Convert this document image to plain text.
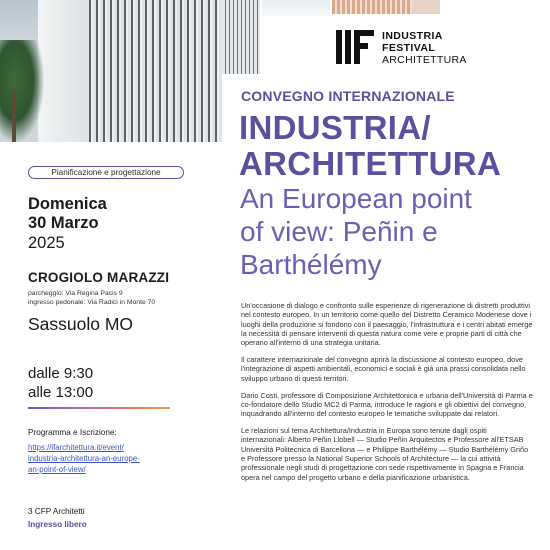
INDUSTRIA
FESTIVAL
ARCHITETTURA
CONVEGNO INTERNAZIONALE
INDUSTRIA/
ARCHITETTURA
An European point
of view: Peñin e
Barthélémy

Un'occasione di dialogo e confronto sulle esperienze di rigenerazione di distretti produttivi nel contesto europeo. In un territorio come quello del Distretto Ceramico Modenese dove i luoghi della produzione si fondono con il paesaggio, l'infrastruttura e i centri abitati emerge la necessità di pensare interventi di questa natura come vere e proprie parti di città che operano all'interno di una strategia unitaria.

Il carattere internazionale del convegno aprirà la discussione al contesto europeo, dove l'integrazione di aspetti ambientali, economici e sociali è già una prassi consolidata nello sviluppo urbano di questi territori.

Dario Costi, professore di Composizione Architettonica e urbana dell'Università di Parma e co-fondatore dello Studio MC2 di Parma, introduce le ragioni e gli obiettivi del convegno, inquadrando all'interno del contesto europeo le tematiche sviluppate dai relatori.

Le relazioni sul tema Architettura/Industria in Europa sono tenute dagli ospiti internazionali: Alberto Peñin Llobell — Studio Peñin Arquitectos e Professore all'ETSAB Università Politecnica di Barcellona — e Philippe Barthélémy — Studio Barthélémy Griño e Professore presso la National Superior Schools of Architecture — la cui attività professionale negli studi di progettazione con sede rispettivamente in Spagna e Francia opera nel campo del progetto urbano e della pianificazione urbanistica.

Pianificazione e progettazione
Domenica
30 Marzo
2025
CROGIOLO MARAZZI
parcheggio: Via Regina Pacis 9
ingresso pedonale: Via Radici in Monte 70
Sassuolo MO
dalle 9:30
alle 13:00
Programma e Iscrizione:
https://ifarchitettura.it/event/
industria-architettura-an-europe-
an-point-of-view/
3 CFP Architetti
Ingresso libero
